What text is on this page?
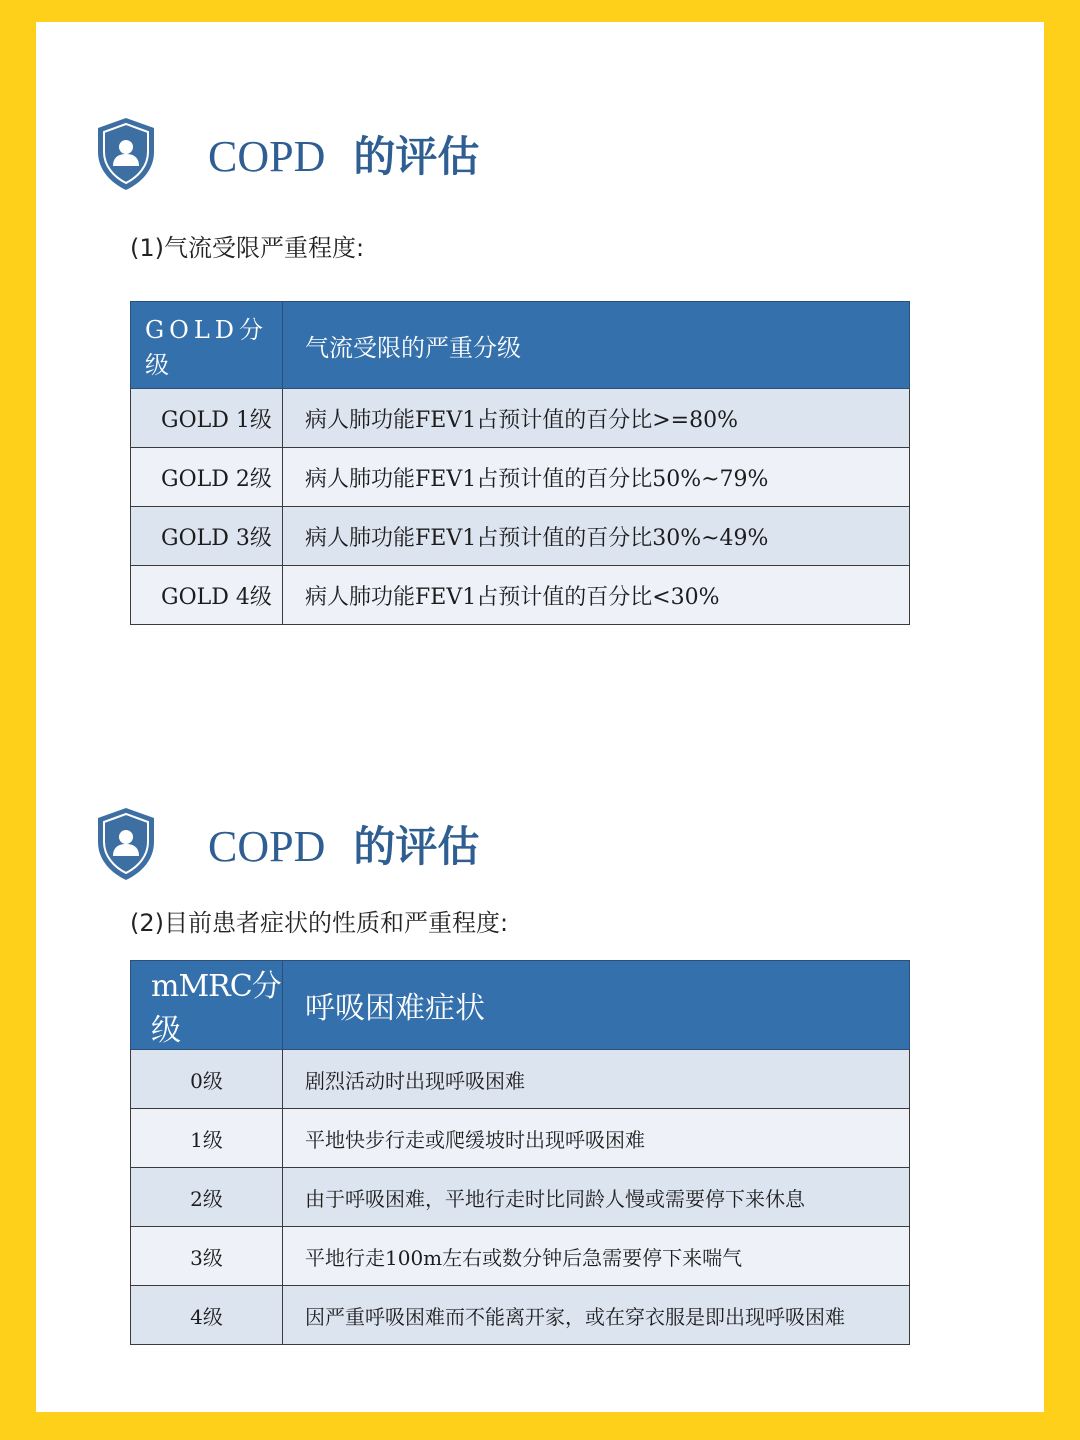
COPD 的评估
(1)气流受限严重程度:
GOLD分级	气流受限的严重分级
GOLD 1级	病人肺功能FEV1占预计值的百分比>=80%
GOLD 2级	病人肺功能FEV1占预计值的百分比50%~79%
GOLD 3级	病人肺功能FEV1占预计值的百分比30%~49%
GOLD 4级	病人肺功能FEV1占预计值的百分比<30%
COPD 的评估
(2)目前患者症状的性质和严重程度:
mMRC分级	呼吸困难症状
0级	剧烈活动时出现呼吸困难
1级	平地快步行走或爬缓坡时出现呼吸困难
2级	由于呼吸困难，平地行走时比同龄人慢或需要停下来休息
3级	平地行走100m左右或数分钟后急需要停下来喘气
4级	因严重呼吸困难而不能离开家，或在穿衣服是即出现呼吸困难
